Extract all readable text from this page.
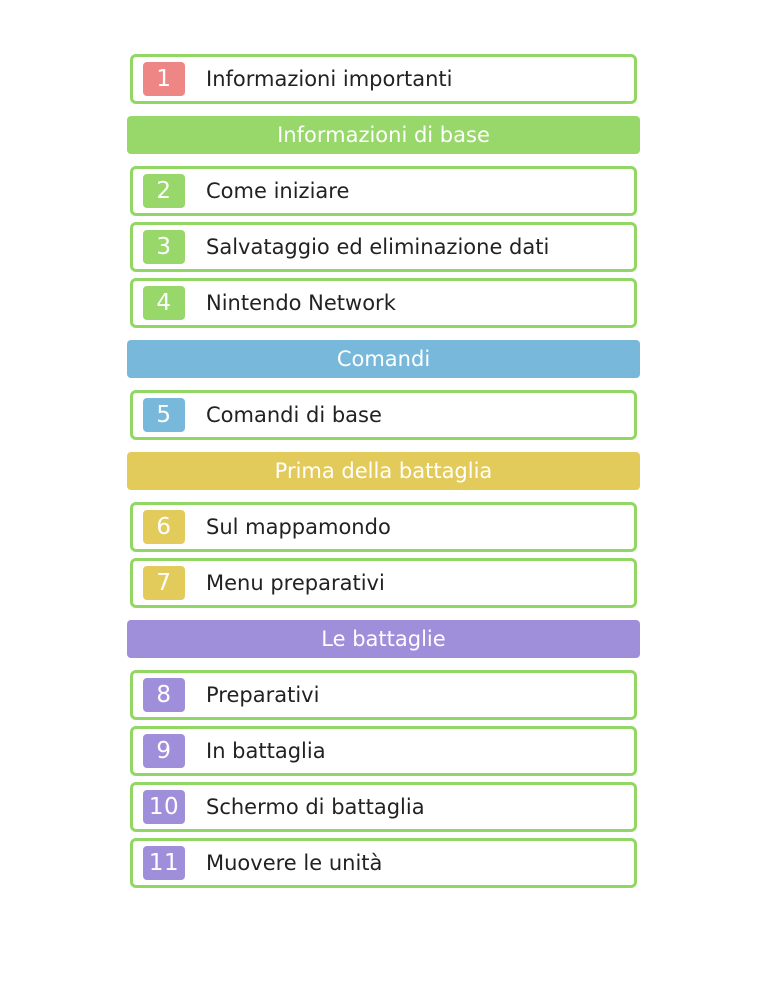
1	Informazioni importanti
Informazioni di base
2	Come iniziare
3	Salvataggio ed eliminazione dati
4	Nintendo Network
Comandi
5	Comandi di base
Prima della battaglia
6	Sul mappamondo
7	Menu preparativi
Le battaglie
8	Preparativi
9	In battaglia
10 Schermo di battaglia
11 Muovere le unità
